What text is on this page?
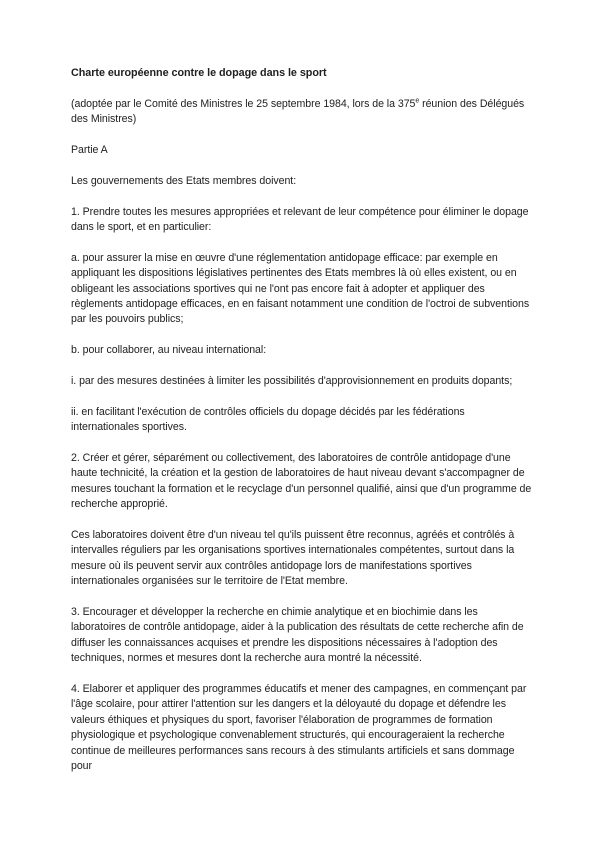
Charte européenne contre le dopage dans le sport

(adoptée par le Comité des Ministres le 25 septembre 1984, lors de la 375e réunion des Délégués des Ministres)

Partie A

Les gouvernements des Etats membres doivent:

1. Prendre toutes les mesures appropriées et relevant de leur compétence pour éliminer le dopage dans le sport, et en particulier:

a. pour assurer la mise en œuvre d'une réglementation antidopage efficace: par exemple en appliquant les dispositions législatives pertinentes des Etats membres là où elles existent, ou en obligeant les associations sportives qui ne l'ont pas encore fait à adopter et appliquer des règlements antidopage efficaces, en en faisant notamment une condition de l'octroi de subventions par les pouvoirs publics;

b. pour collaborer, au niveau international:

i. par des mesures destinées à limiter les possibilités d'approvisionnement en produits dopants;

ii. en facilitant l'exécution de contrôles officiels du dopage décidés par les fédérations internationales sportives.

2. Créer et gérer, séparément ou collectivement, des laboratoires de contrôle antidopage d'une haute technicité, la création et la gestion de laboratoires de haut niveau devant s'accompagner de mesures touchant la formation et le recyclage d'un personnel qualifié, ainsi que d'un programme de recherche approprié.

Ces laboratoires doivent être d'un niveau tel qu'ils puissent être reconnus, agréés et contrôlés à intervalles réguliers par les organisations sportives internationales compétentes, surtout dans la mesure où ils peuvent servir aux contrôles antidopage lors de manifestations sportives internationales organisées sur le territoire de l'Etat membre.

3. Encourager et développer la recherche en chimie analytique et en biochimie dans les laboratoires de contrôle antidopage, aider à la publication des résultats de cette recherche afin de diffuser les connaissances acquises et prendre les dispositions nécessaires à l'adoption des techniques, normes et mesures dont la recherche aura montré la nécessité.

4. Elaborer et appliquer des programmes éducatifs et mener des campagnes, en commençant par l'âge scolaire, pour attirer l'attention sur les dangers et la déloyauté du dopage et défendre les valeurs éthiques et physiques du sport, favoriser l'élaboration de programmes de formation physiologique et psychologique convenablement structurés, qui encourageraient la recherche continue de meilleures performances sans recours à des stimulants artificiels et sans dommage pour
